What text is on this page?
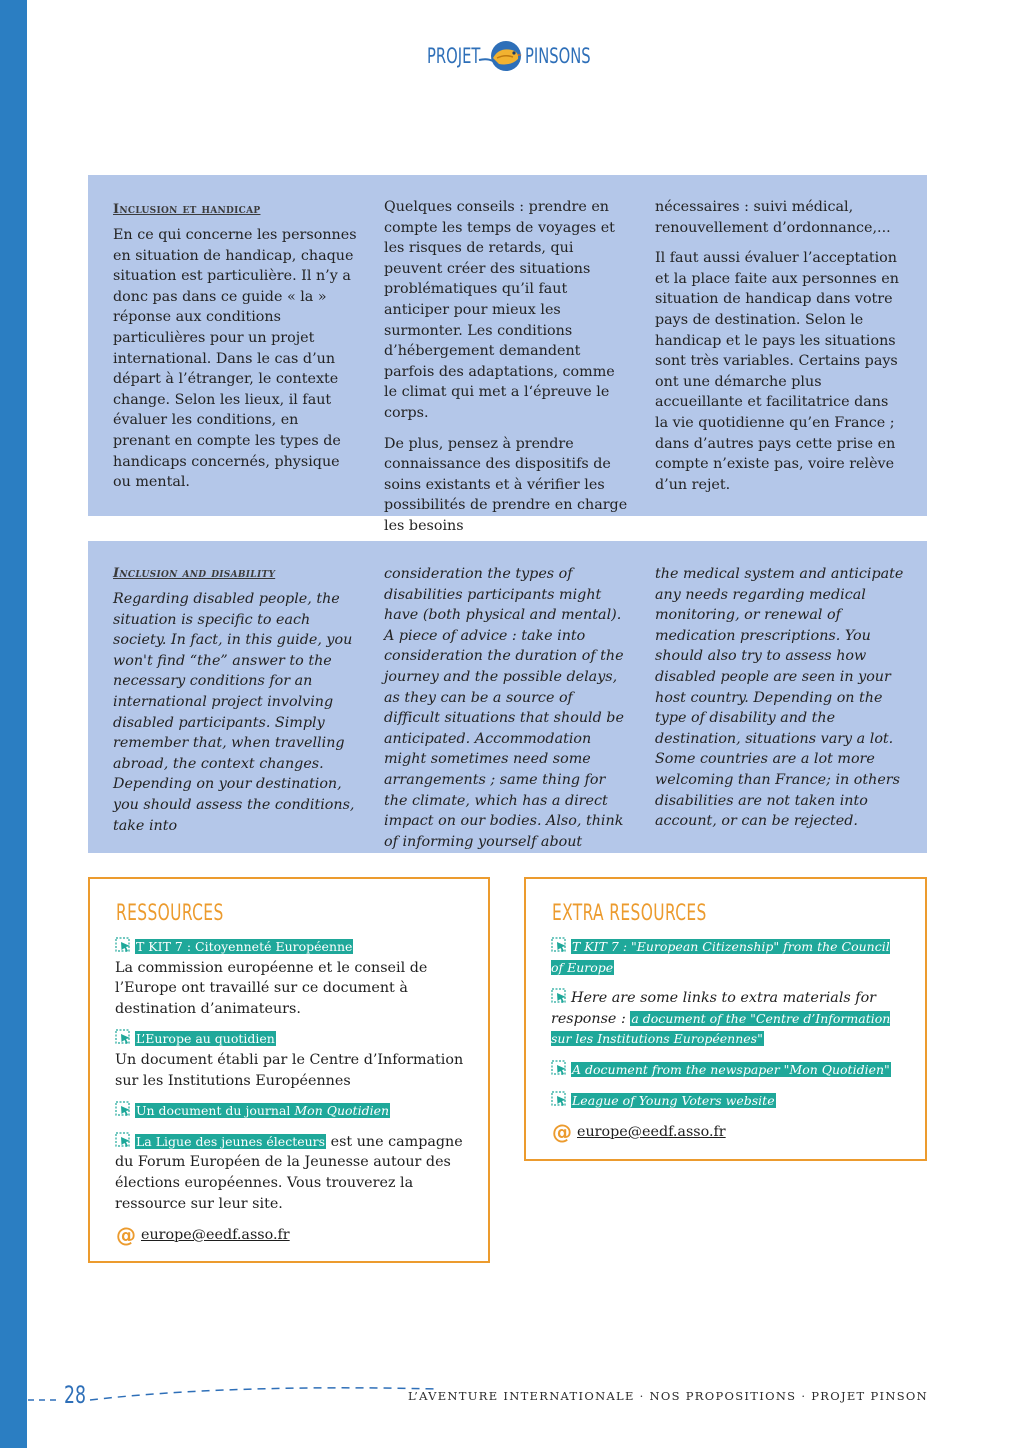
PROJET PINSONS
Inclusion et handicap

En ce qui concerne les personnes en situation de handicap, chaque situation est particulière. Il n’y a donc pas dans ce guide « la » réponse aux conditions particulières pour un projet international. Dans le cas d’un départ à l’étranger, le contexte change. Selon les lieux, il faut évaluer les conditions, en prenant en compte les types de handicaps concernés, physique ou mental.

Quelques conseils : prendre en compte les temps de voyages et les risques de retards, qui peuvent créer des situations problématiques qu’il faut anticiper pour mieux les surmonter. Les conditions d’hébergement demandent parfois des adaptations, comme le climat qui met a l‘épreuve le corps.

De plus, pensez à prendre connaissance des dispositifs de soins existants et à vérifier les possibilités de prendre en charge les besoins

nécessaires : suivi médical, renouvellement d’ordonnance,...

Il faut aussi évaluer l’acceptation et la place faite aux personnes en situation de handicap dans votre pays de destination. Selon le handicap et le pays les situations sont très variables. Certains pays ont une démarche plus accueillante et facilitatrice dans la vie quotidienne qu’en France ; dans d’autres pays cette prise en compte n’existe pas, voire relève d’un rejet.

Inclusion and disability

Regarding disabled people, the situation is specific to each society. In fact, in this guide, you won't find “the” answer to the necessary conditions for an international project involving disabled participants. Simply remember that, when travelling abroad, the context changes. Depending on your destination, you should assess the conditions, take into

consideration the types of disabilities participants might have (both physical and mental). A piece of advice : take into consideration the duration of the journey and the possible delays, as they can be a source of difficult situations that should be anticipated. Accommodation might sometimes need some arrangements ; same thing for the climate, which has a direct impact on our bodies. Also, think of informing yourself about

the medical system and anticipate any needs regarding medical monitoring, or renewal of medication prescriptions. You should also try to assess how disabled people are seen in your host country. Depending on the type of disability and the destination, situations vary a lot. Some countries are a lot more welcoming than France; in others disabilities are not taken into account, or can be rejected.

RESSOURCES
T KIT 7 : Citoyenneté Européenne
La commission européenne et le conseil de l’Europe ont travaillé sur ce document à destination d’animateurs.
L’Europe au quotidien
Un document établi par le Centre d’Information sur les Institutions Européennes
Un document du journal Mon Quotidien
La Ligue des jeunes électeurs est une campagne du Forum Européen de la Jeunesse autour des élections européennes. Vous trouverez la ressource sur leur site.
@ europe@eedf.asso.fr
EXTRA RESOURCES
T KIT 7 : "European Citizenship" from the Council of Europe
Here are some links to extra materials for response : a document of the "Centre d’Information sur les Institutions Européennes"
A document from the newspaper "Mon Quotidien"
League of Young Voters website
@ europe@eedf.asso.fr
28	L’AVENTURE INTERNATIONALE · NOS PROPOSITIONS · PROJET PINSON
